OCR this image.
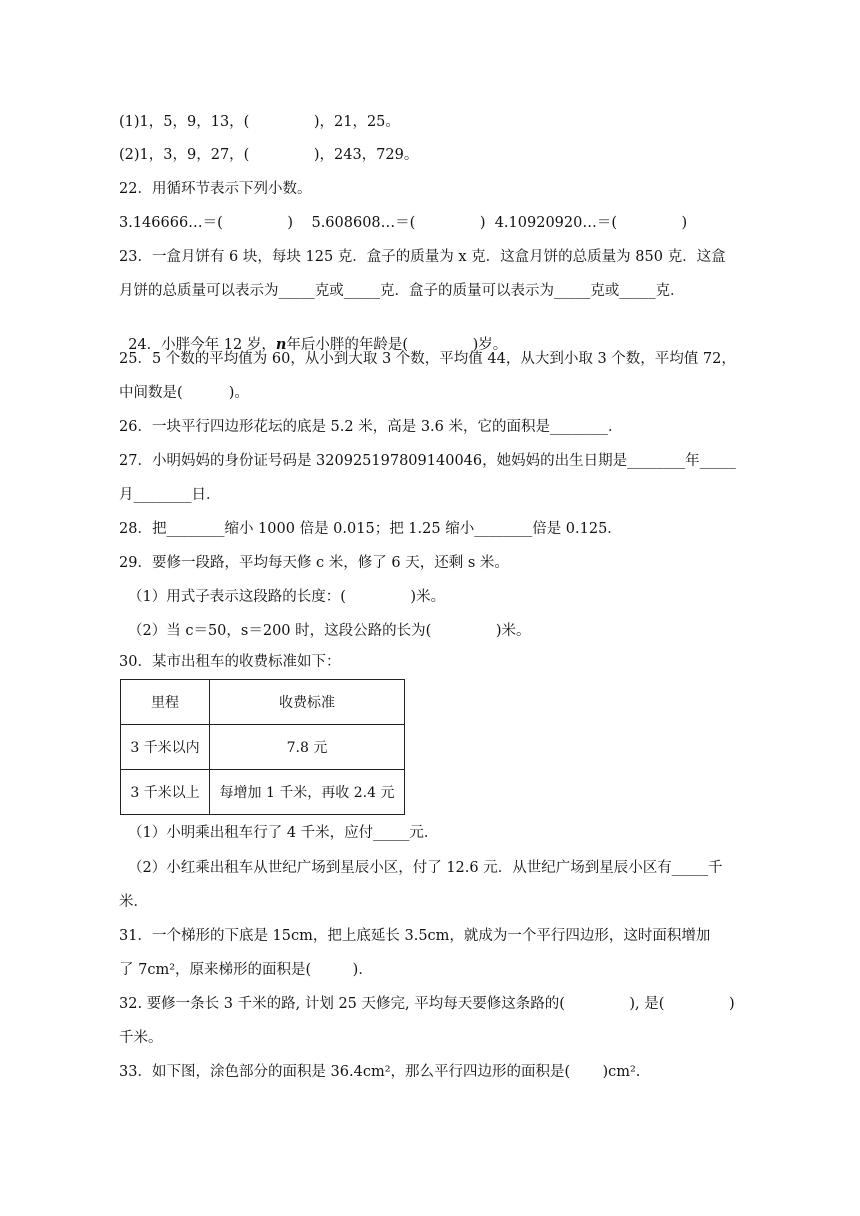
(1)1，5，9，13，(              )，21，25。
(2)1，3，9，27，(              )，243，729。
22．用循环节表示下列小数。
3.146666…＝(              )    5.608608…＝(              )  4.10920920…＝(              )
23．一盒月饼有 6 块，每块 125 克．盒子的质量为 x 克．这盒月饼的总质量为 850 克．这盒
月饼的总质量可以表示为_____克或_____克．盒子的质量可以表示为_____克或_____克．

24．小胖今年 12 岁，n年后小胖的年龄是(              )岁。

25．5 个数的平均值为 60，从小到大取 3 个数，平均值 44，从大到小取 3 个数，平均值 72，
中间数是(          )。
26．一块平行四边形花坛的底是 5.2 米，高是 3.6 米，它的面积是________．
27．小明妈妈的身份证号码是 320925197809140046，她妈妈的出生日期是________年_____
月________日．
28．把________缩小 1000 倍是 0.015；把 1.25 缩小________倍是 0.125．
29．要修一段路，平均每天修 c 米，修了 6 天，还剩 s 米。
（1）用式子表示这段路的长度：(              )米。
（2）当 c＝50，s＝200 时，这段公路的长为(              )米。
30．某市出租车的收费标准如下：
里程	收费标准
3 千米以内	7.8 元
3 千米以上	每增加 1 千米，再收 2.4 元
（1）小明乘出租车行了 4 千米，应付_____元．
（2）小红乘出租车从世纪广场到星辰小区，付了 12.6 元．从世纪广场到星辰小区有_____千
米．
31．一个梯形的下底是 15cm，把上底延长 3.5cm，就成为一个平行四边形，这时面积增加
了 7cm²，原来梯形的面积是(         )．
32. 要修一条长 3 千米的路, 计划 25 天修完, 平均每天要修这条路的(              ), 是(              )
千米。
33．如下图，涂色部分的面积是 36.4cm²，那么平行四边形的面积是(       )cm².
